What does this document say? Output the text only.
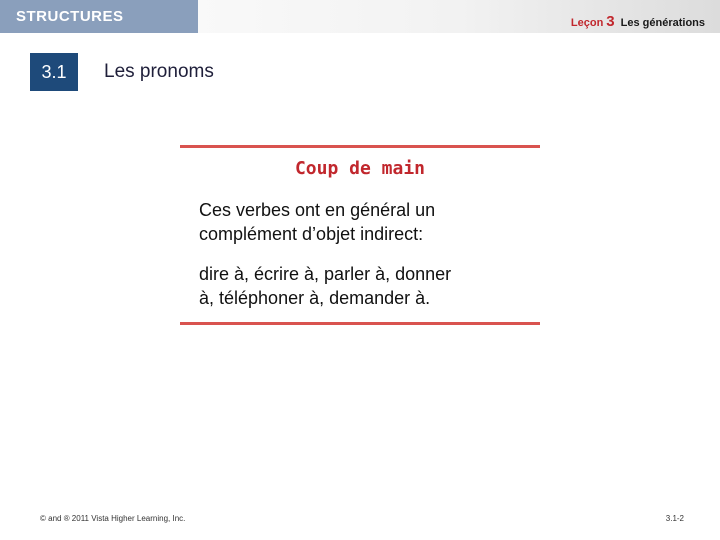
STRUCTURES	Leçon 3 Les générations
3.1	Les pronoms
Coup de main
Ces verbes ont en général un
complément d’objet indirect:
dire à, écrire à, parler à, donner
à, téléphoner à, demander à.
© and ® 2011 Vista Higher Learning, Inc.	3.1-2
